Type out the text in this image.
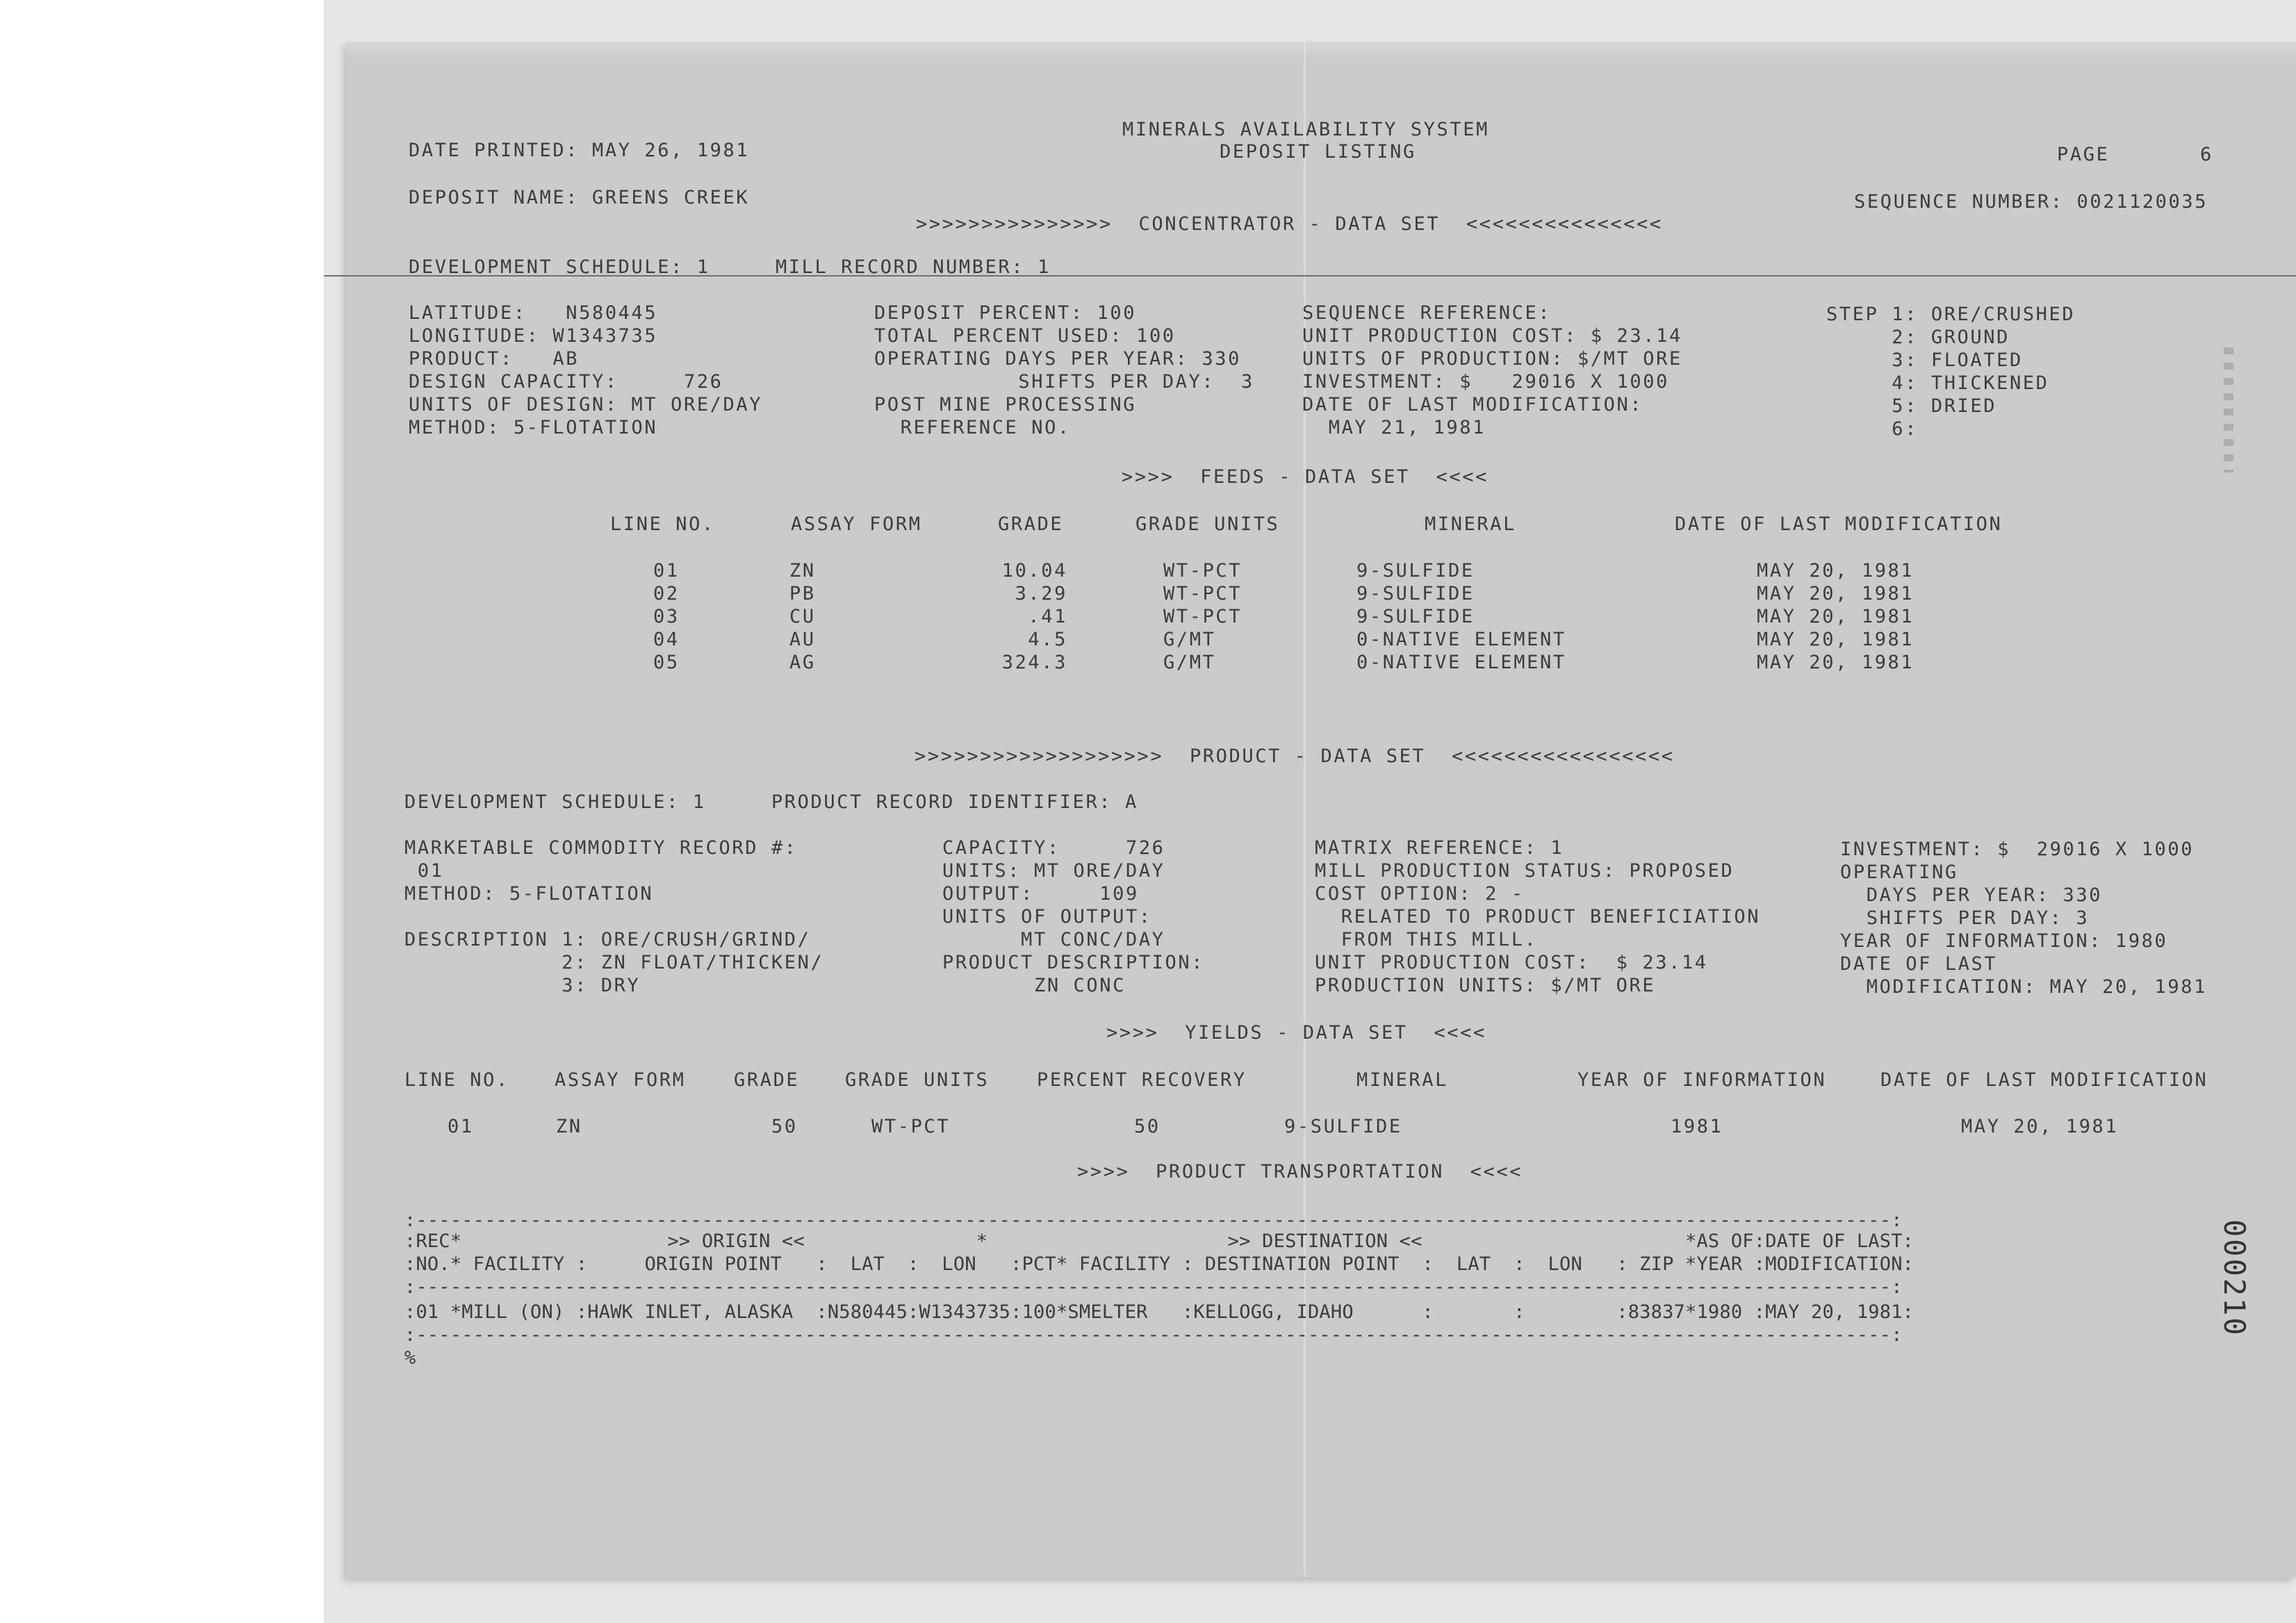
MINERALS AVAILABILITY SYSTEM
DEPOSIT LISTING
DATE PRINTED: MAY 26, 1981	PAGE	6
DEPOSIT NAME: GREENS CREEK	SEQUENCE NUMBER: 0021120035
>>>>>>>>>>>>>>>  CONCENTRATOR - DATA SET  <<<<<<<<<<<<<<<
DEVELOPMENT SCHEDULE: 1     MILL RECORD NUMBER: 1
LATITUDE:   N580445
LONGITUDE: W1343735
PRODUCT:   AB
DESIGN CAPACITY:     726
UNITS OF DESIGN: MT ORE/DAY
METHOD: 5-FLOTATION
DEPOSIT PERCENT: 100
TOTAL PERCENT USED: 100
OPERATING DAYS PER YEAR: 330
SHIFTS PER DAY:  3
POST MINE PROCESSING
REFERENCE NO.
SEQUENCE REFERENCE:
UNIT PRODUCTION COST: $ 23.14
UNITS OF PRODUCTION: $/MT ORE
INVESTMENT: $   29016 X 1000
DATE OF LAST MODIFICATION:
MAY 21, 1981
STEP 1: ORE/CRUSHED
2: GROUND
3: FLOATED
4: THICKENED
5: DRIED
6:
>>>>  FEEDS - DATA SET  <<<<
LINE NO.	ASSAY FORM	GRADE	GRADE UNITS	MINERAL	DATE OF LAST MODIFICATION
01	ZN	10.04	WT-PCT	9-SULFIDE	MAY 20, 1981
02	PB	3.29	WT-PCT	9-SULFIDE	MAY 20, 1981
03	CU	.41	WT-PCT	9-SULFIDE	MAY 20, 1981
04	AU	4.5	G/MT	0-NATIVE ELEMENT	MAY 20, 1981
05	AG	324.3	G/MT	0-NATIVE ELEMENT	MAY 20, 1981
>>>>>>>>>>>>>>>>>>>  PRODUCT - DATA SET  <<<<<<<<<<<<<<<<<
DEVELOPMENT SCHEDULE: 1     PRODUCT RECORD IDENTIFIER: A
MARKETABLE COMMODITY RECORD #:
01
METHOD: 5-FLOTATION
DESCRIPTION 1: ORE/CRUSH/GRIND/
2: ZN FLOAT/THICKEN/
3: DRY
CAPACITY:     726
UNITS: MT ORE/DAY
OUTPUT:     109
UNITS OF OUTPUT:
MT CONC/DAY
PRODUCT DESCRIPTION:
ZN CONC
MATRIX REFERENCE: 1
MILL PRODUCTION STATUS: PROPOSED
COST OPTION: 2 -
RELATED TO PRODUCT BENEFICIATION
FROM THIS MILL.
UNIT PRODUCTION COST:  $ 23.14
PRODUCTION UNITS: $/MT ORE
INVESTMENT: $  29016 X 1000
OPERATING
DAYS PER YEAR: 330
SHIFTS PER DAY: 3
YEAR OF INFORMATION: 1980
DATE OF LAST
MODIFICATION: MAY 20, 1981
>>>>  YIELDS - DATA SET  <<<<
LINE NO. ASSAY FORM	GRADE GRADE UNITS	PERCENT RECOVERY	MINERAL	YEAR OF INFORMATION	DATE OF LAST MODIFICATION
01	ZN	50	WT-PCT	50	9-SULFIDE	1981	MAY 20, 1981
>>>>  PRODUCT TRANSPORTATION  <<<<
:---------------------------------------------------------------------------------------------------------------------------------:
:REC*                  >> ORIGIN <<               *                     >> DESTINATION <<                       *AS OF:DATE OF LAST:
:NO.* FACILITY :     ORIGIN POINT   :  LAT  :  LON   :PCT* FACILITY : DESTINATION POINT  :  LAT  :  LON   : ZIP *YEAR :MODIFICATION:
:---------------------------------------------------------------------------------------------------------------------------------:
:01 *MILL (ON) :HAWK INLET, ALASKA  :N580445:W1343735:100*SMELTER   :KELLOGG, IDAHO      :       :        :83837*1980 :MAY 20, 1981:
:---------------------------------------------------------------------------------------------------------------------------------:
%
000210
